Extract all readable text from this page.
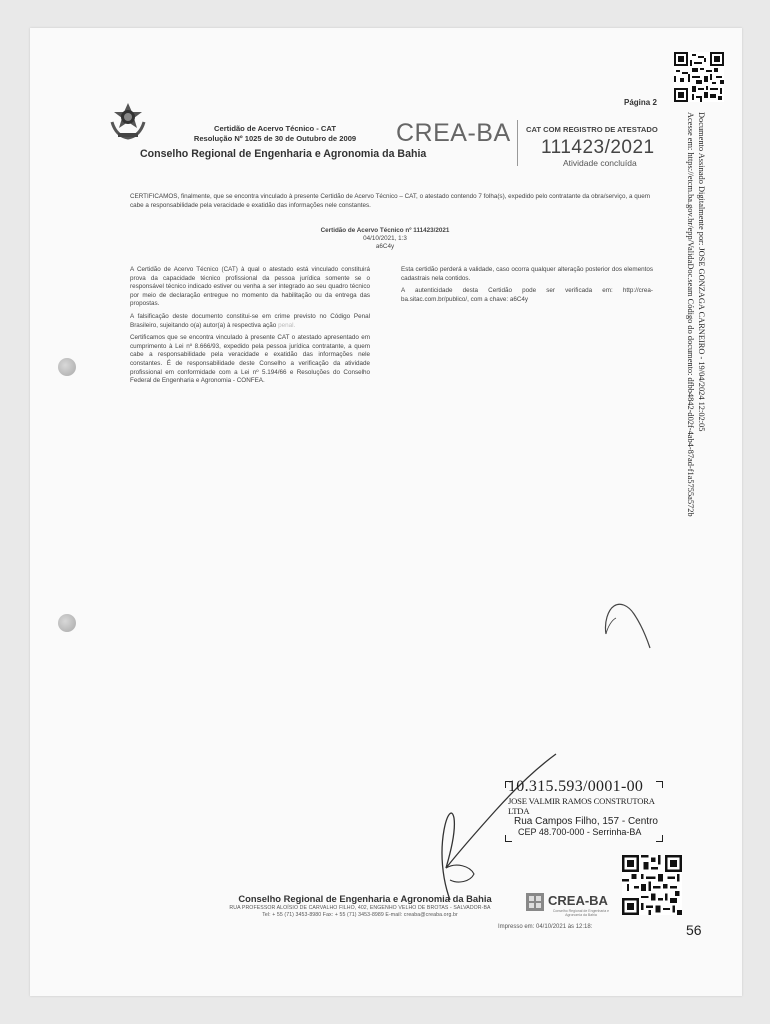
Página 2
Documento Assinado Digitalmente por: JOSE GONZAGA CARNEIRO - 19/04/2024 12:02:05
Acesse em: https://etcm.ba.gov.br/epp/ValidaDoc.seam Código do documento: dfbb4842-d02f-4ab4-87ad-f1a5755a572b
Certidão de Acervo Técnico - CAT
Resolução Nº 1025 de 30 de Outubro de 2009
Conselho Regional de Engenharia e Agronomia da Bahia
CREA-BA CAT COM REGISTRO DE ATESTADO
111423/2021
Atividade concluída
CERTIFICAMOS, finalmente, que se encontra vinculado à presente Certidão de Acervo Técnico – CAT, o atestado contendo 7 folha(s), expedido pelo contratante da obra/serviço, a quem cabe a responsabilidade pela veracidade e exatidão das informações nele constantes.
Certidão de Acervo Técnico nº 111423/2021
04/10/2021, 1:3
a6C4y
A Certidão de Acervo Técnico (CAT) à qual o atestado está vinculado constituirá prova da capacidade técnico profissional da pessoa jurídica somente se o responsável técnico indicado estiver ou venha a ser integrado ao seu quadro técnico por meio de declaração entregue no momento da habilitação ou da entrega das propostas.
A falsificação deste documento constitui-se em crime previsto no Código Penal Brasileiro, sujeitando o(a) autor(a) à respectiva ação penal.
Certificamos que se encontra vinculado à presente CAT o atestado apresentado em cumprimento à Lei nº 8.666/93, expedido pela pessoa jurídica contratante, a quem cabe a responsabilidade pela veracidade e exatidão das informações nele constantes. É de responsabilidade deste Conselho a verificação da atividade profissional em conformidade com a Lei nº 5.194/66 e Resoluções do Conselho Federal de Engenharia e Agronomia - CONFEA.
Esta certidão perderá a validade, caso ocorra qualquer alteração posterior dos elementos cadastrais nela contidos.
A autenticidade desta Certidão pode ser verificada em: http://crea-ba.sitac.com.br/publico/, com a chave: a6C4y
10.315.593/0001-00
JOSE VALMIR RAMOS CONSTRUTORA LTDA
Rua Campos Filho, 157 - Centro
CEP 48.700-000 - Serrinha-BA
Conselho Regional de Engenharia e Agronomia da Bahia
RUA PROFESSOR ALOÍSIO DE CARVALHO FILHO, 402, ENGENHO VELHO DE BROTAS - SALVADOR-BA
Tel: + 55 (71) 3453-8980 Fax: + 55 (71) 3453-8989 E-mail: creaba@creaba.org.br
CREA-BA
Conselho Regional de Engenharia e Agronomia da Bahia
Impresso em: 04/10/2021 às 12:18:	56
